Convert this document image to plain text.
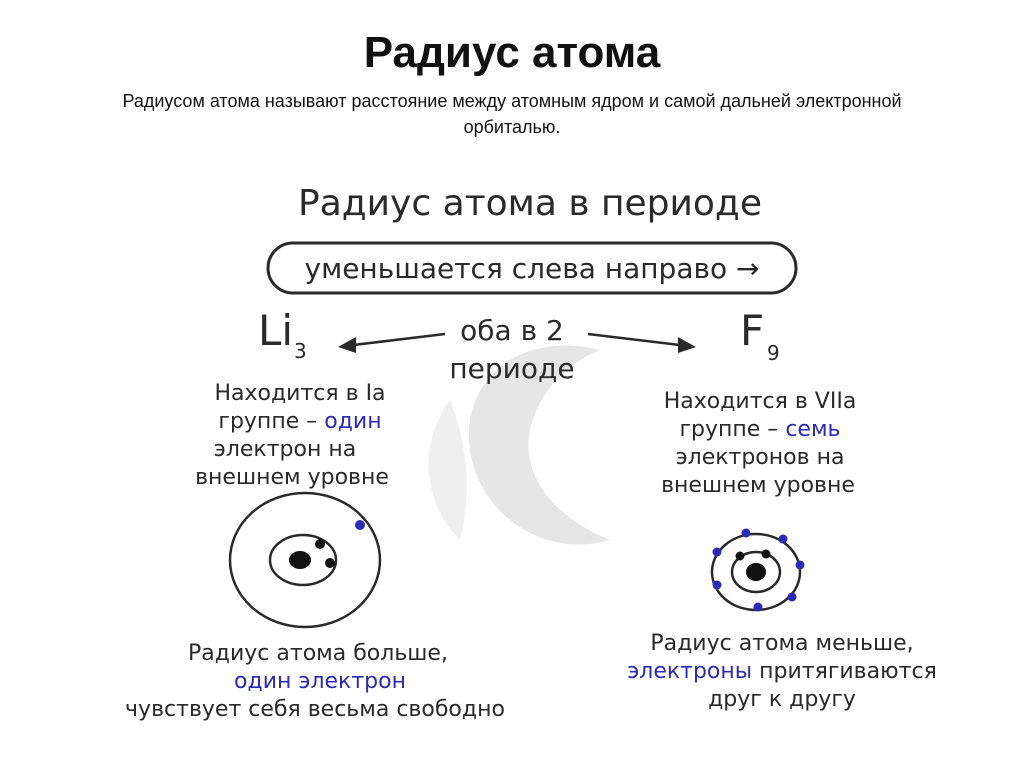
Радиус атома
Радиусом атома называют расстояние между атомным ядром и самой дальней электронной орбиталью.
Радиус атома в периоде
уменьшается слева направо →
Li 3	F 9
оба в 2
периоде
Находится в Ia
группе – один
электрон на
внешнем уровне
Находится в VIIa
группе – семь
электронов на
внешнем уровне
Радиус атома больше,
один электрон
чувствует себя весьма свободно
Радиус атома меньше,
электроны притягиваются
друг к другу
